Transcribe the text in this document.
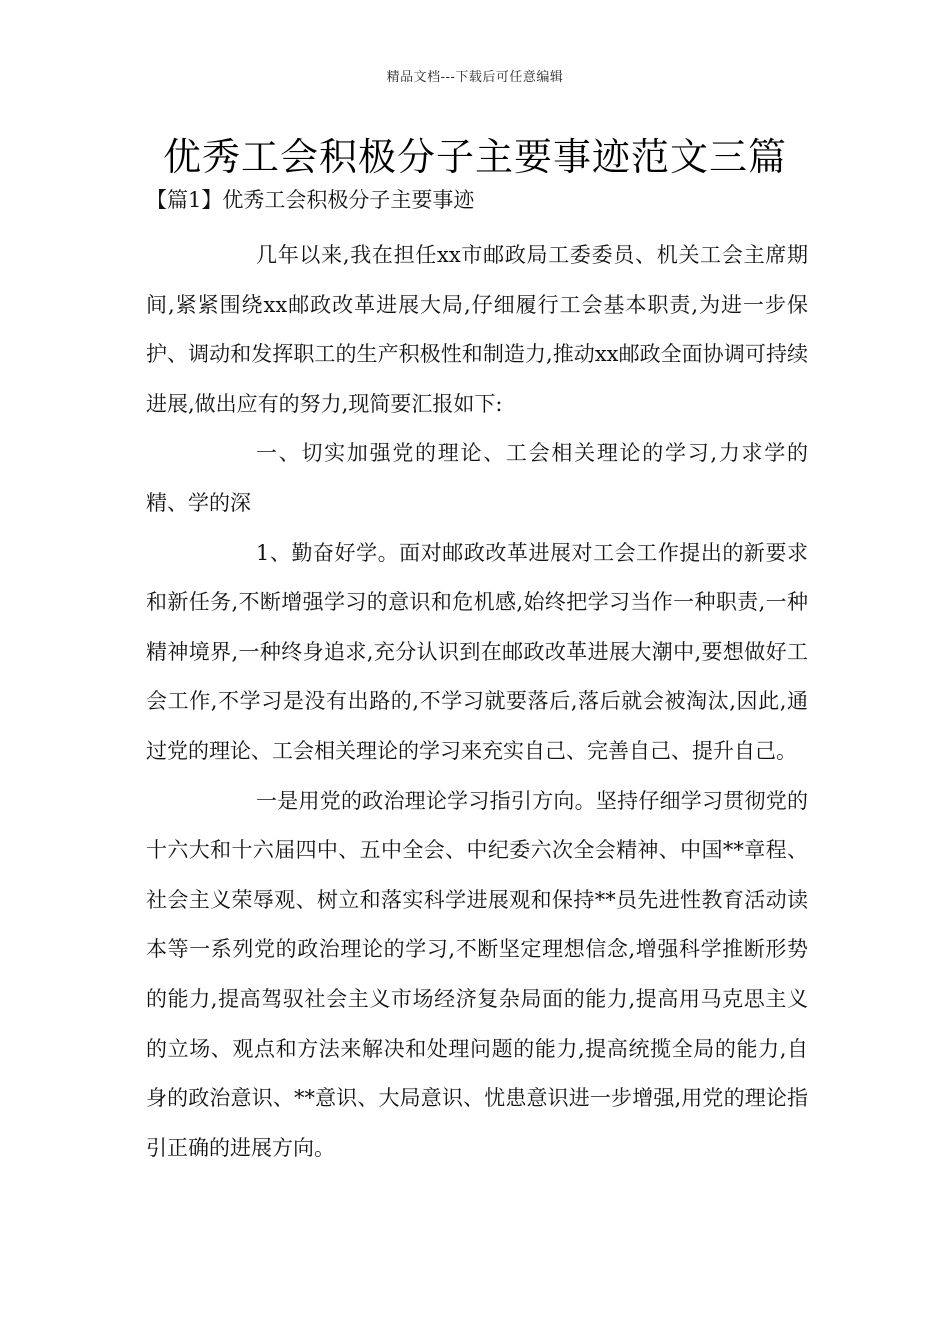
精品文档---下载后可任意编辑
优秀工会积极分子主要事迹范文三篇
【篇1】优秀工会积极分子主要事迹

几年以来,我在担任xx市邮政局工委委员、机关工会主席期间,紧紧围绕xx邮政改革进展大局,仔细履行工会基本职责,为进一步保护、调动和发挥职工的生产积极性和制造力,推动xx邮政全面协调可持续进展,做出应有的努力,现简要汇报如下:

一、切实加强党的理论、工会相关理论的学习,力求学的精、学的深

1、勤奋好学。面对邮政改革进展对工会工作提出的新要求和新任务,不断增强学习的意识和危机感,始终把学习当作一种职责,一种精神境界,一种终身追求,充分认识到在邮政改革进展大潮中,要想做好工会工作,不学习是没有出路的,不学习就要落后,落后就会被淘汰,因此,通过党的理论、工会相关理论的学习来充实自己、完善自己、提升自己。

一是用党的政治理论学习指引方向。坚持仔细学习贯彻党的十六大和十六届四中、五中全会、中纪委六次全会精神、中国**章程、社会主义荣辱观、树立和落实科学进展观和保持**员先进性教育活动读本等一系列党的政治理论的学习,不断坚定理想信念,增强科学推断形势的能力,提高驾驭社会主义市场经济复杂局面的能力,提高用马克思主义的立场、观点和方法来解决和处理问题的能力,提高统揽全局的能力,自身的政治意识、**意识、大局意识、忧患意识进一步增强,用党的理论指引正确的进展方向。
